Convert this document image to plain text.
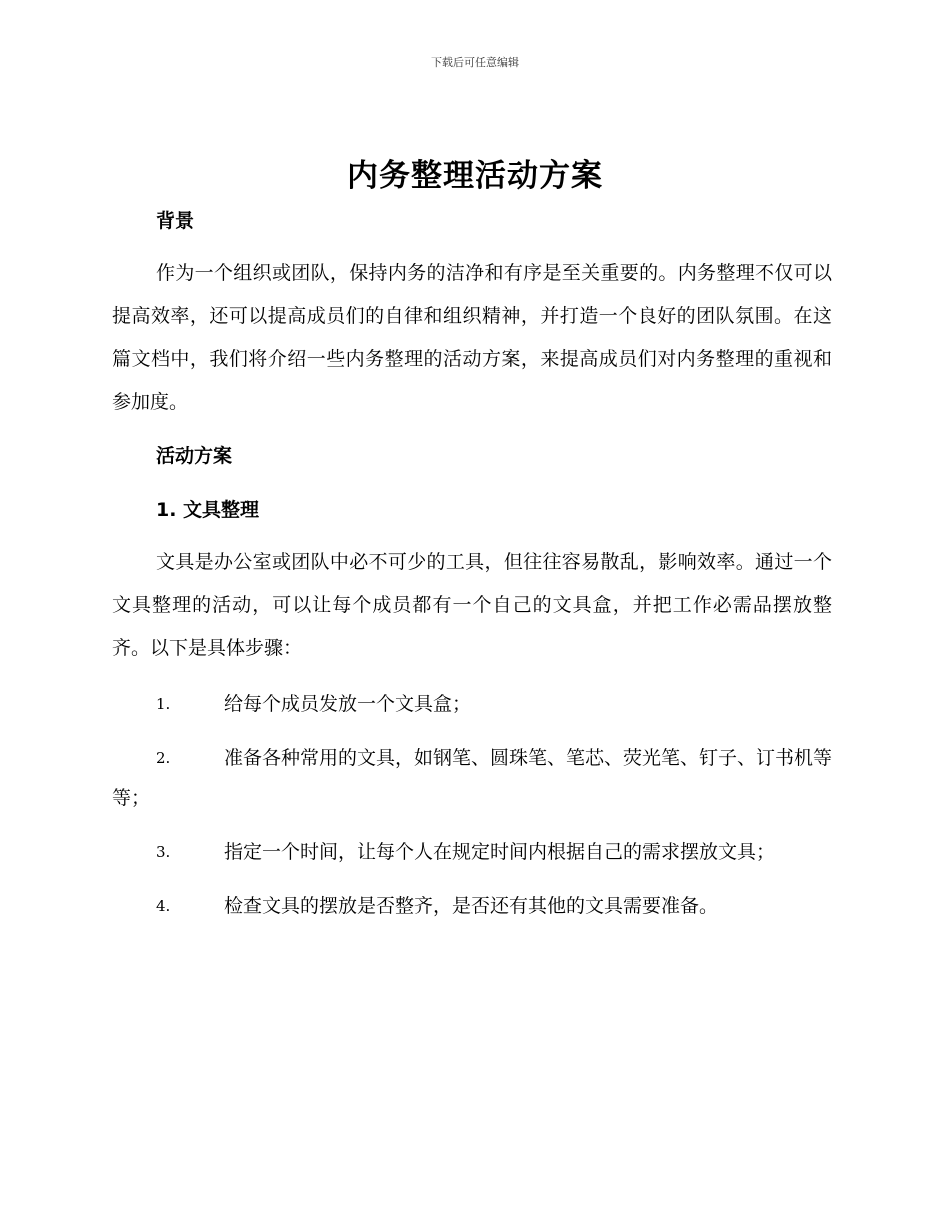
下载后可任意编辑
内务整理活动方案
背景
作为一个组织或团队，保持内务的洁净和有序是至关重要的。内务整理不仅可以提高效率，还可以提高成员们的自律和组织精神，并打造一个良好的团队氛围。在这篇文档中，我们将介绍一些内务整理的活动方案，来提高成员们对内务整理的重视和参加度。
活动方案
1. 文具整理
文具是办公室或团队中必不可少的工具，但往往容易散乱，影响效率。通过一个文具整理的活动，可以让每个成员都有一个自己的文具盒，并把工作必需品摆放整齐。以下是具体步骤：
1.	给每个成员发放一个文具盒；
2.	准备各种常用的文具，如钢笔、圆珠笔、笔芯、荧光笔、钉子、订书机等等；
3.	指定一个时间，让每个人在规定时间内根据自己的需求摆放文具；
4.	检查文具的摆放是否整齐，是否还有其他的文具需要准备。
